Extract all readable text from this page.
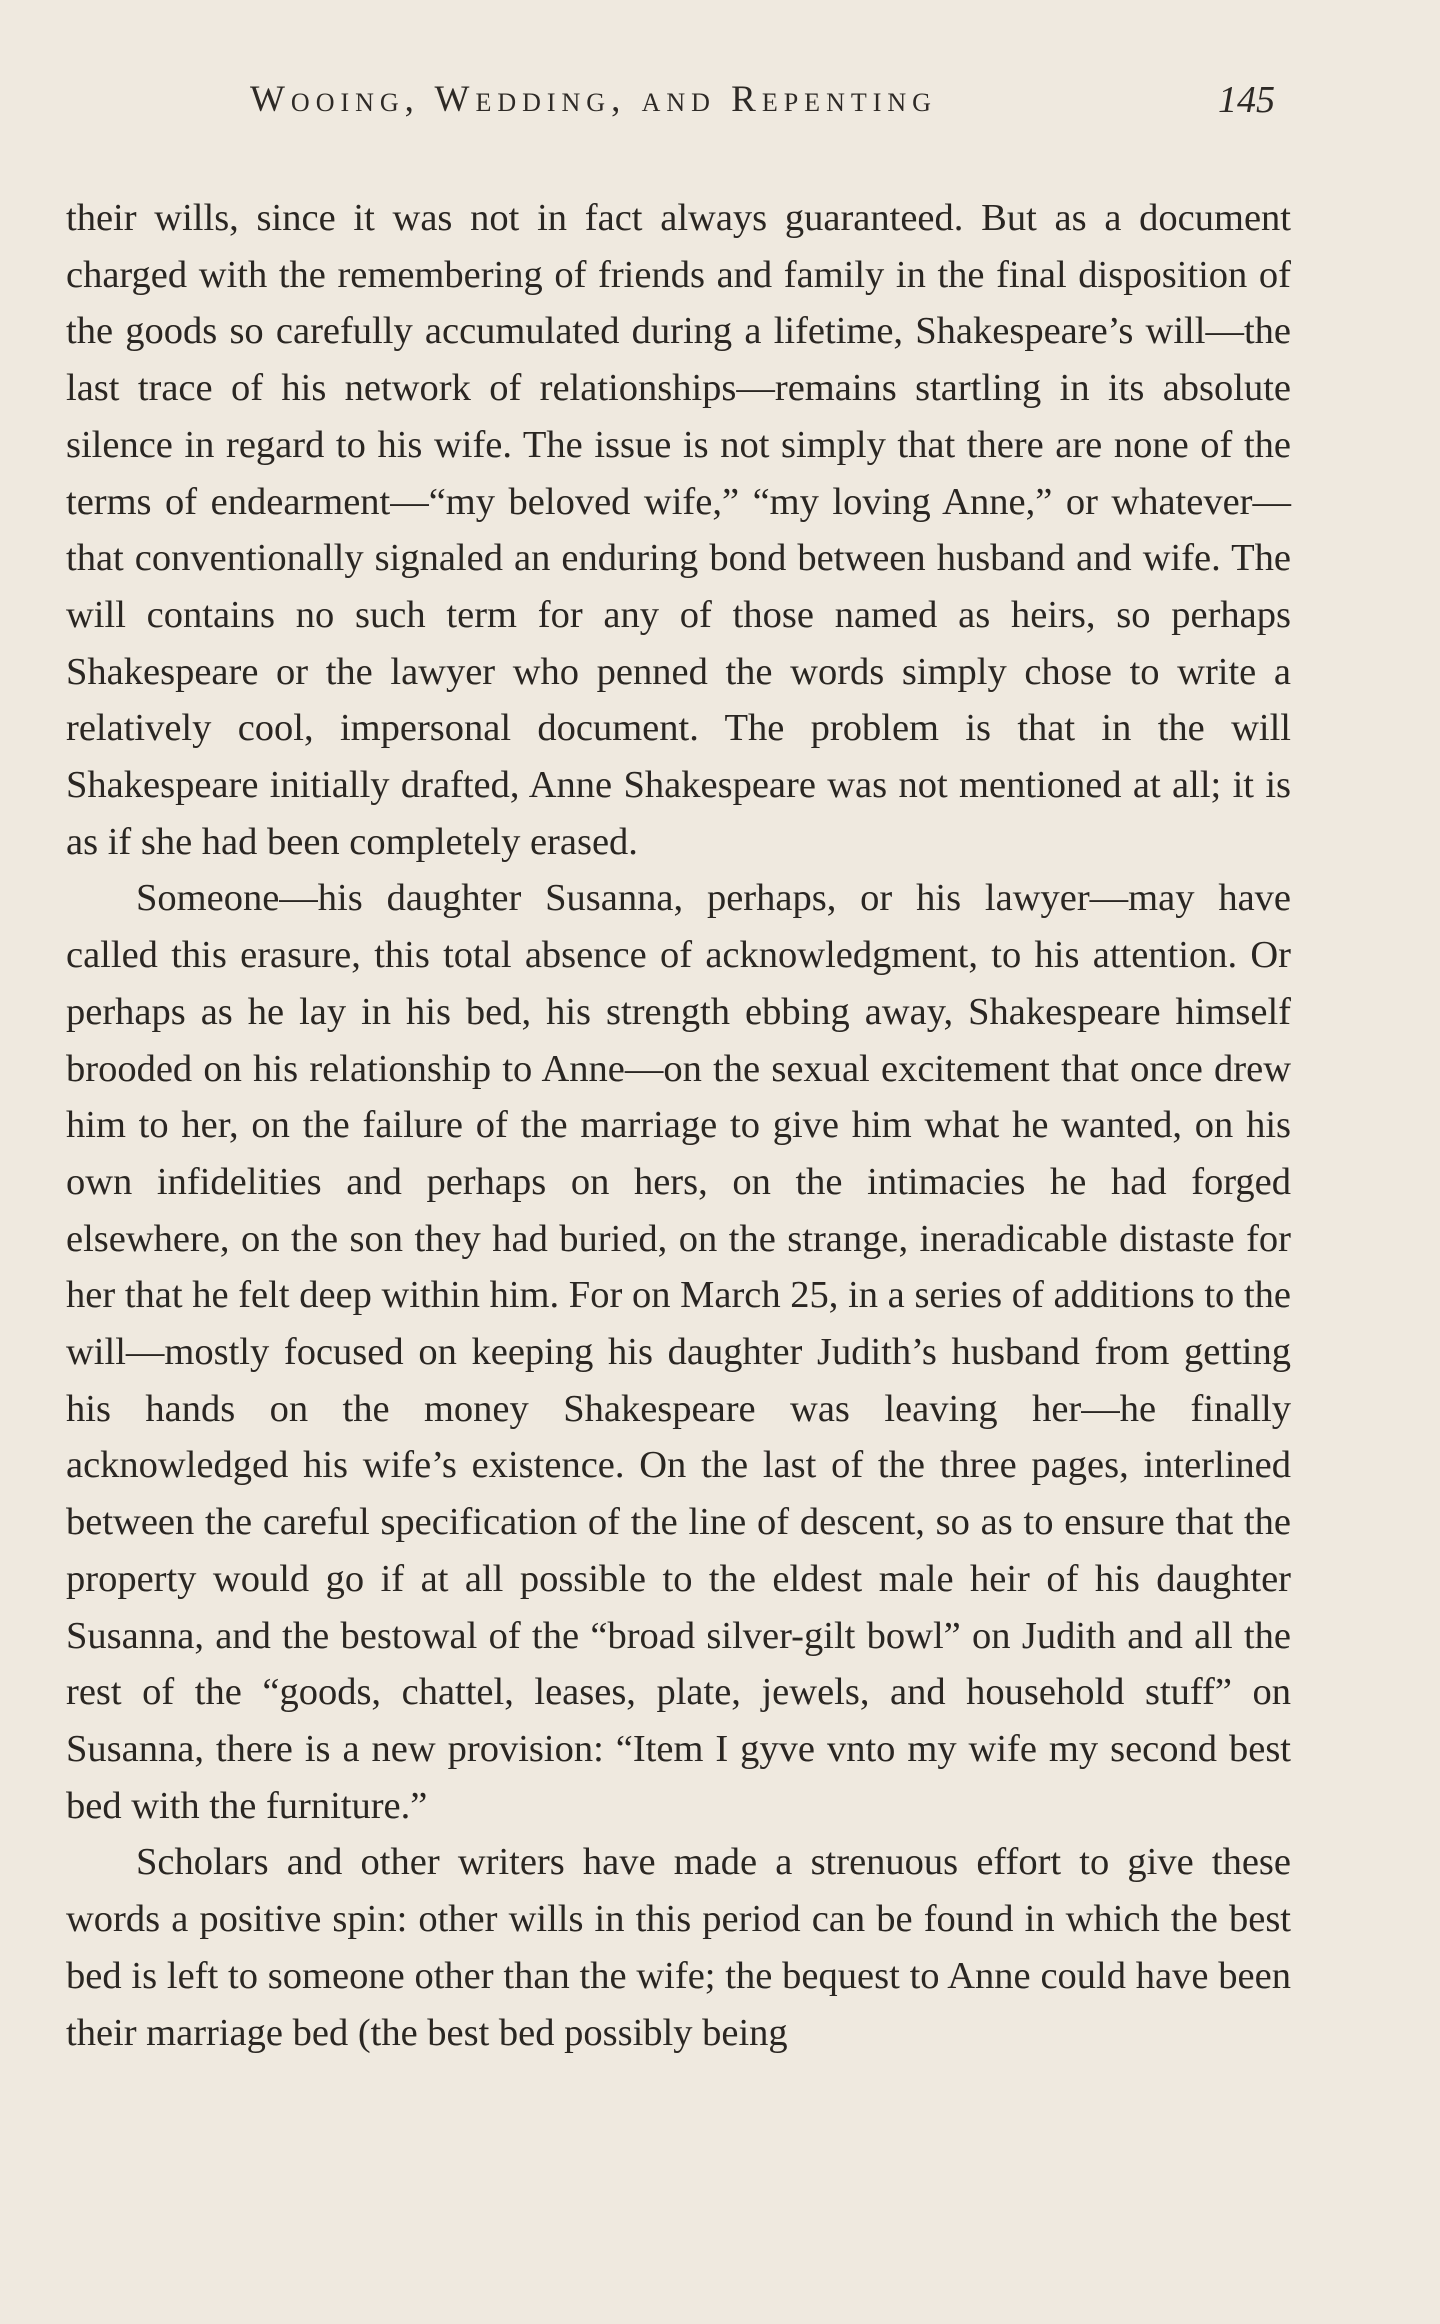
Wooing, Wedding, and Repenting	145

their wills, since it was not in fact always guaranteed. But as a document charged with the remembering of friends and family in the final disposition of the goods so carefully accumulated during a lifetime, Shakespeare’s will—the last trace of his network of relationships—remains startling in its absolute silence in regard to his wife. The issue is not simply that there are none of the terms of endearment—“my beloved wife,” “my loving Anne,” or whatever—that conventionally signaled an enduring bond between husband and wife. The will contains no such term for any of those named as heirs, so perhaps Shakespeare or the lawyer who penned the words simply chose to write a relatively cool, impersonal document. The problem is that in the will Shakespeare initially drafted, Anne Shakespeare was not mentioned at all; it is as if she had been completely erased.

Someone—his daughter Susanna, perhaps, or his lawyer—may have called this erasure, this total absence of acknowledgment, to his attention. Or perhaps as he lay in his bed, his strength ebbing away, Shakespeare himself brooded on his relationship to Anne—on the sexual excitement that once drew him to her, on the failure of the marriage to give him what he wanted, on his own infidelities and perhaps on hers, on the intimacies he had forged elsewhere, on the son they had buried, on the strange, ineradicable distaste for her that he felt deep within him. For on March 25, in a series of additions to the will—mostly focused on keeping his daughter Judith’s husband from getting his hands on the money Shakespeare was leaving her—he finally acknowledged his wife’s existence. On the last of the three pages, interlined between the careful specification of the line of descent, so as to ensure that the property would go if at all possible to the eldest male heir of his daughter Susanna, and the bestowal of the “broad silver-gilt bowl” on Judith and all the rest of the “goods, chattel, leases, plate, jewels, and household stuff” on Susanna, there is a new provision: “Item I gyve vnto my wife my second best bed with the furniture.”

Scholars and other writers have made a strenuous effort to give these words a positive spin: other wills in this period can be found in which the best bed is left to someone other than the wife; the bequest to Anne could have been their marriage bed (the best bed possibly being
